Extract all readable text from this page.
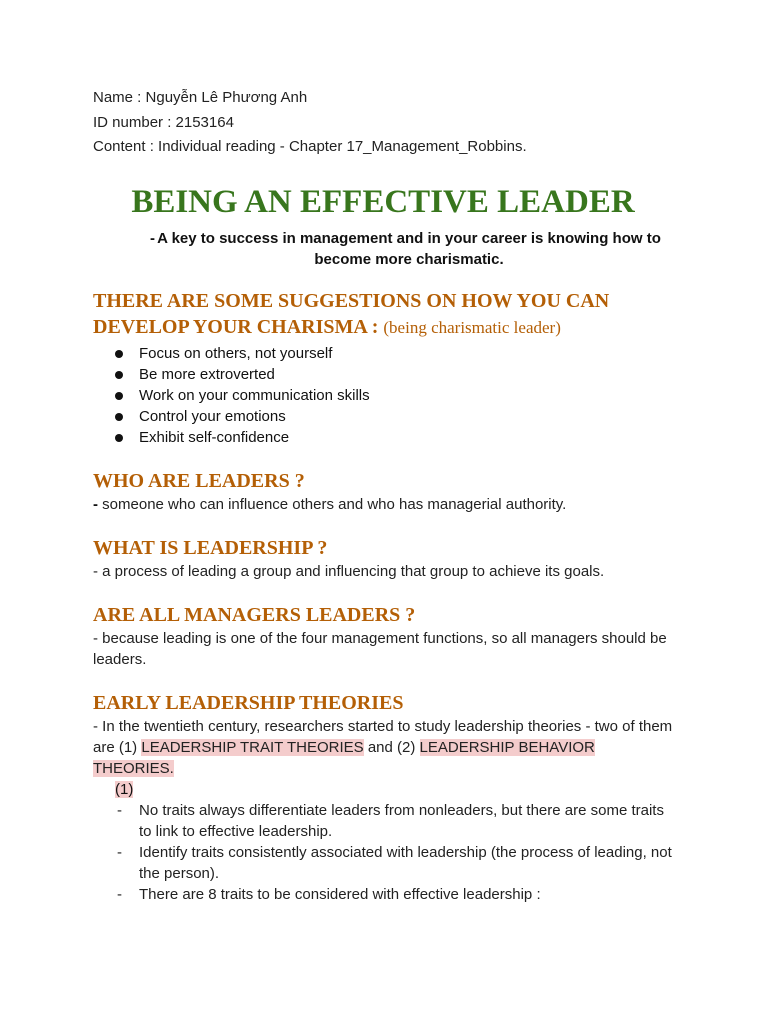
Name : Nguyễn Lê Phương Anh
ID number : 2153164
Content : Individual reading - Chapter 17_Management_Robbins.
BEING AN EFFECTIVE LEADER
- A key to success in management and in your career is knowing how to become more charismatic.
THERE ARE SOME SUGGESTIONS ON HOW YOU CAN DEVELOP YOUR CHARISMA : (being charismatic leader)
Focus on others, not yourself
Be more extroverted
Work on your communication skills
Control your emotions
Exhibit self-confidence
WHO ARE LEADERS ?
- someone who can influence others and who has managerial authority.
WHAT IS LEADERSHIP ?
- a process of leading a group and influencing that group to achieve its goals.
ARE ALL MANAGERS LEADERS ?
- because leading is one of the four management functions, so all managers should be leaders.
EARLY LEADERSHIP THEORIES
- In the twentieth century, researchers started to study leadership theories - two of them are (1) LEADERSHIP TRAIT THEORIES and (2) LEADERSHIP BEHAVIOR THEORIES.
(1)
- No traits always differentiate leaders from nonleaders, but there are some traits to link to effective leadership.
- Identify traits consistently associated with leadership (the process of leading, not the person).
- There are 8 traits to be considered with effective leadership :
